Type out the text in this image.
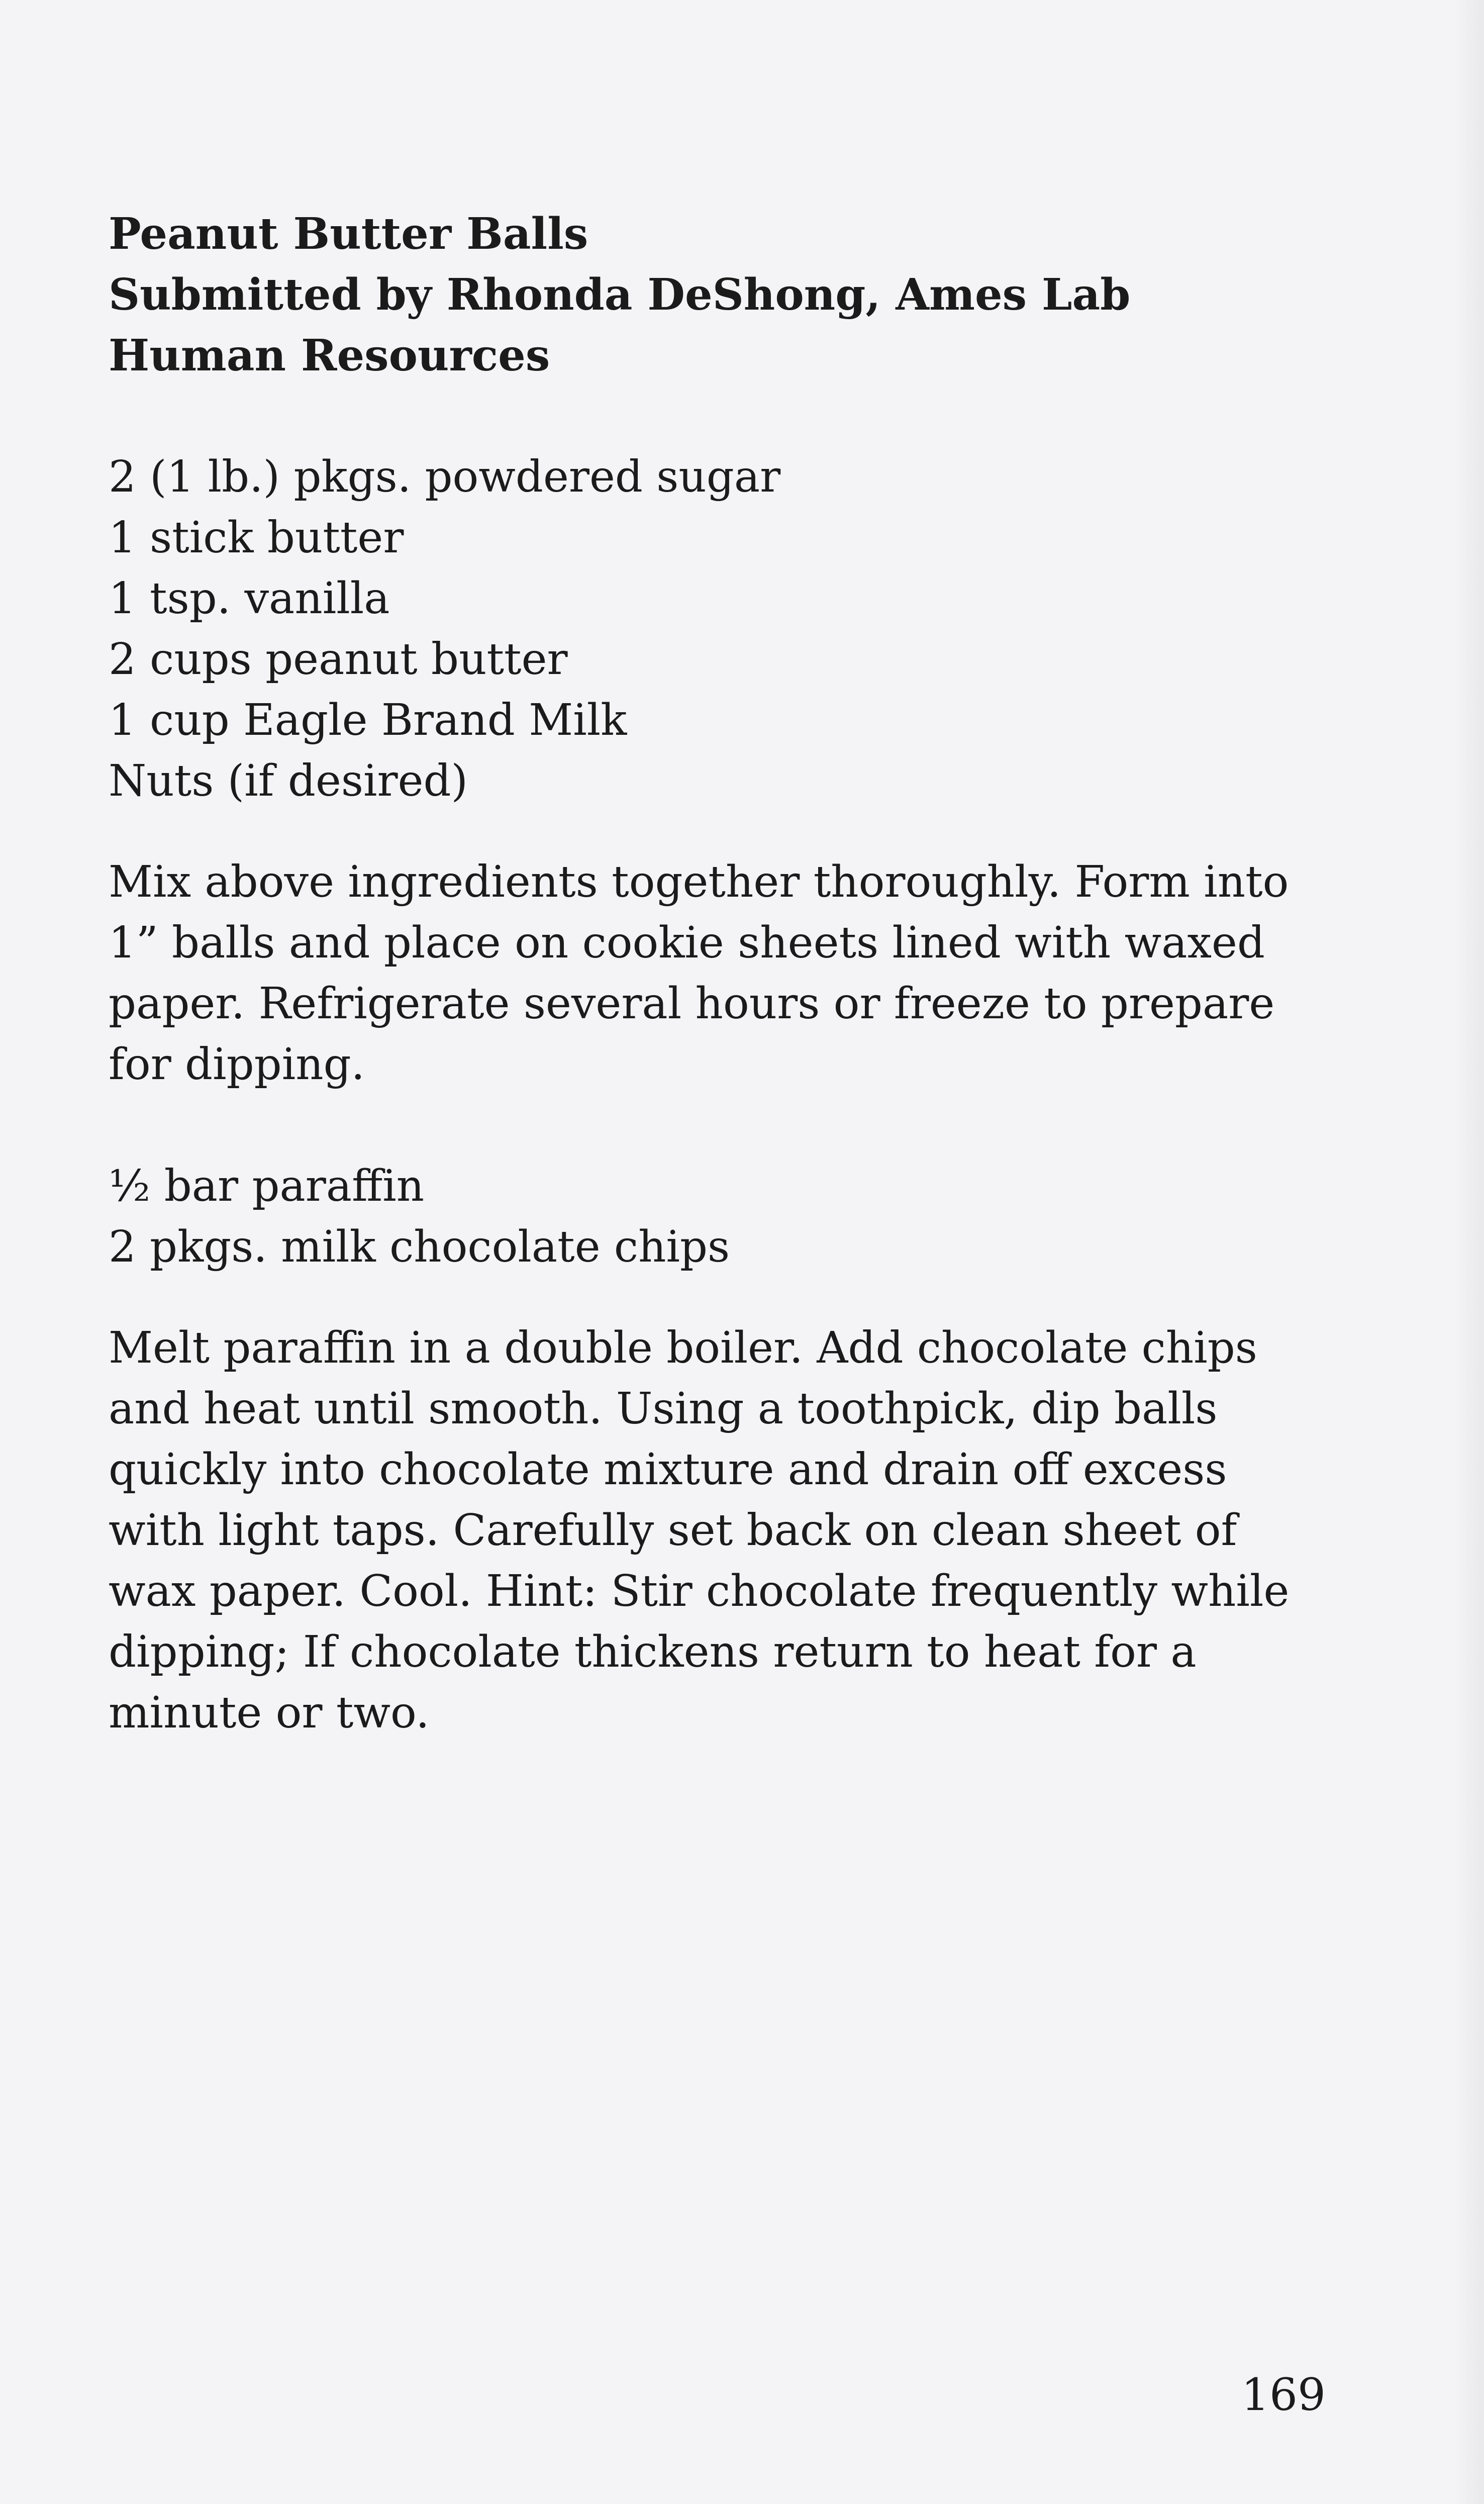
Peanut Butter Balls
Submitted by Rhonda DeShong, Ames Lab
Human Resources
2 (1 lb.) pkgs. powdered sugar
1 stick butter
1 tsp. vanilla
2 cups peanut butter
1 cup Eagle Brand Milk
Nuts (if desired)

Mix above ingredients together thoroughly. Form into 1” balls and place on cookie sheets lined with waxed paper. Refrigerate several hours or freeze to prepare for dipping.

½ bar paraffin
2 pkgs. milk chocolate chips

Melt paraffin in a double boiler. Add chocolate chips and heat until smooth. Using a toothpick, dip balls quickly into chocolate mixture and drain off excess with light taps. Carefully set back on clean sheet of wax paper. Cool. Hint: Stir chocolate frequently while dipping; If chocolate thickens return to heat for a minute or two.

169
